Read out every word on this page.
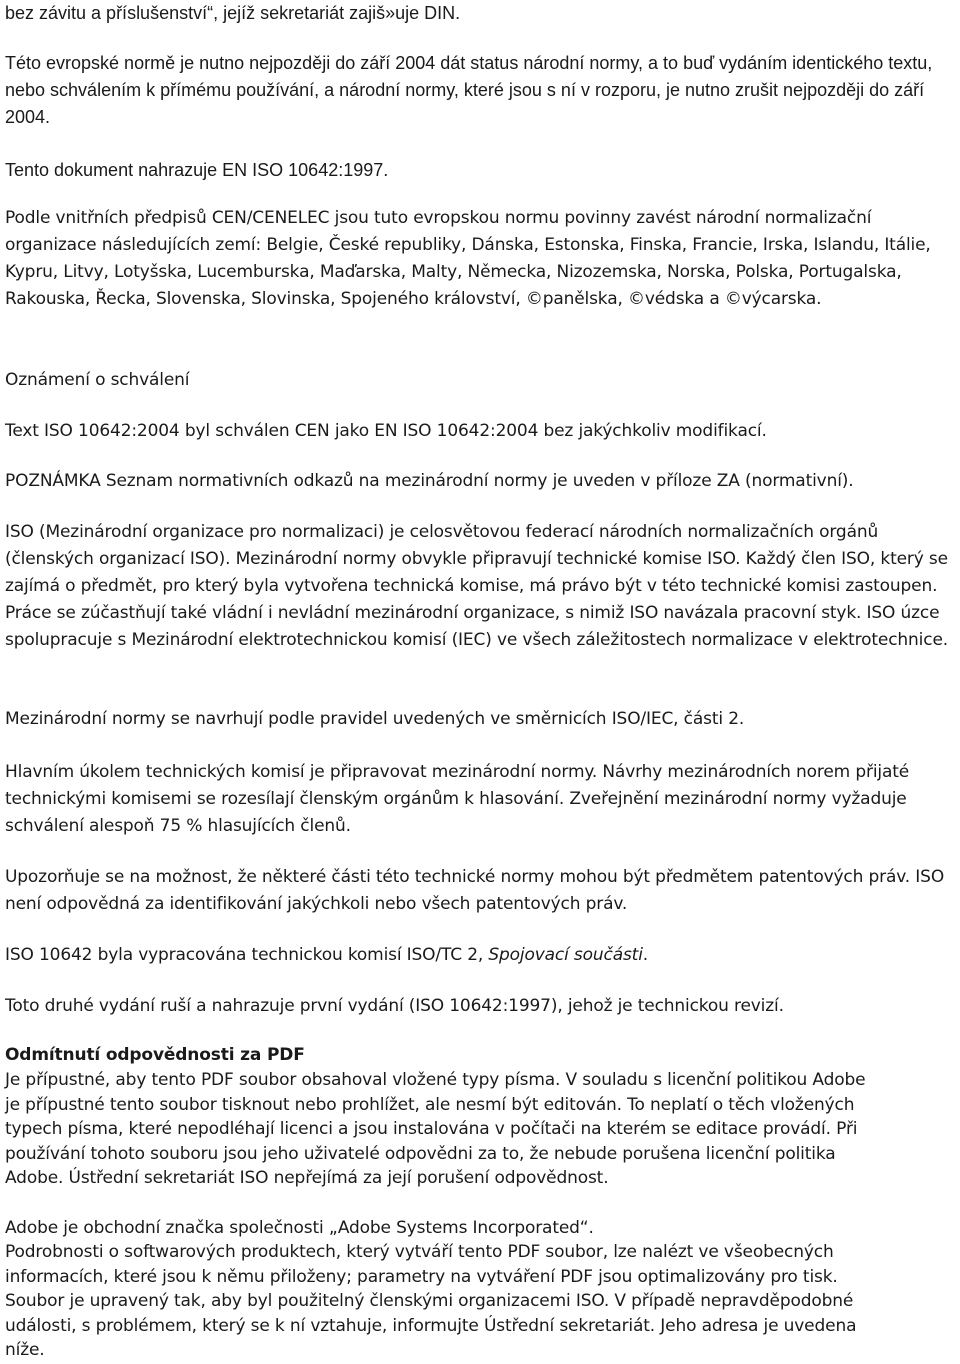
bez závitu a příslušenství“, jejíž sekretariát zajiš»uje DIN.

Této evropské normě je nutno nejpozději do září 2004 dát status národní normy, a to buď vydáním identického textu, nebo schválením k přímému používání, a národní normy, které jsou s ní v rozporu, je nutno zrušit nejpozději do září 2004.

Tento dokument nahrazuje EN ISO 10642:1997.

Podle vnitřních předpisů CEN/CENELEC jsou tuto evropskou normu povinny zavést národní normalizační organizace následujících zemí: Belgie, České republiky, Dánska, Estonska, Finska, Francie, Irska, Islandu, Itálie, Kypru, Litvy, Lotyšska, Lucemburska, Maďarska, Malty, Německa, Nizozemska, Norska, Polska, Portugalska, Rakouska, Řecka, Slovenska, Slovinska, Spojeného království, ©panělska, ©védska a ©výcarska.

Oznámení o schválení

Text ISO 10642:2004 byl schválen CEN jako EN ISO 10642:2004 bez jakýchkoliv modifikací.

POZNÁMKA Seznam normativních odkazů na mezinárodní normy je uveden v příloze ZA (normativní).

ISO (Mezinárodní organizace pro normalizaci) je celosvětovou federací národních normalizačních orgánů (členských organizací ISO). Mezinárodní normy obvykle připravují technické komise ISO. Každý člen ISO, který se zajímá o předmět, pro který byla vytvořena technická komise, má právo být v této technické komisi zastoupen. Práce se zúčastňují také vládní i nevládní mezinárodní organizace, s nimiž ISO navázala pracovní styk. ISO úzce spolupracuje s Mezinárodní elektrotechnickou komisí (IEC) ve všech záležitostech normalizace v elektrotechnice.

Mezinárodní normy se navrhují podle pravidel uvedených ve směrnicích ISO/IEC, části 2.

Hlavním úkolem technických komisí je připravovat mezinárodní normy. Návrhy mezinárodních norem přijaté technickými komisemi se rozesílají členským orgánům k hlasování. Zveřejnění mezinárodní normy vyžaduje schválení alespoň 75 % hlasujících členů.

Upozorňuje se na možnost, že některé části této technické normy mohou být předmětem patentových práv. ISO není odpovědná za identifikování jakýchkoli nebo všech patentových práv.

ISO 10642 byla vypracována technickou komisí ISO/TC 2, Spojovací součásti.

Toto druhé vydání ruší a nahrazuje první vydání (ISO 10642:1997), jehož je technickou revizí.

Odmítnutí odpovědnosti za PDF

Je přípustné, aby tento PDF soubor obsahoval vložené typy písma. V souladu s licenční politikou Adobe je přípustné tento soubor tisknout nebo prohlížet, ale nesmí být editován. To neplatí o těch vložených typech písma, které nepodléhají licenci a jsou instalována v počítači na kterém se editace provádí. Při používání tohoto souboru jsou jeho uživatelé odpovědni za to, že nebude porušena licenční politika Adobe. Ústřední sekretariát ISO nepřejímá za její porušení odpovědnost.

Adobe je obchodní značka společnosti „Adobe Systems Incorporated“.

Podrobnosti o softwarových produktech, který vytváří tento PDF soubor, lze nalézt ve všeobecných informacích, které jsou k němu přiloženy; parametry na vytváření PDF jsou optimalizovány pro tisk. Soubor je upravený tak, aby byl použitelný členskými organizacemi ISO. V případě nepravděpodobné události, s problémem, který se k ní vztahuje, informujte Ústřední sekretariát. Jeho adresa je uvedena níže.
